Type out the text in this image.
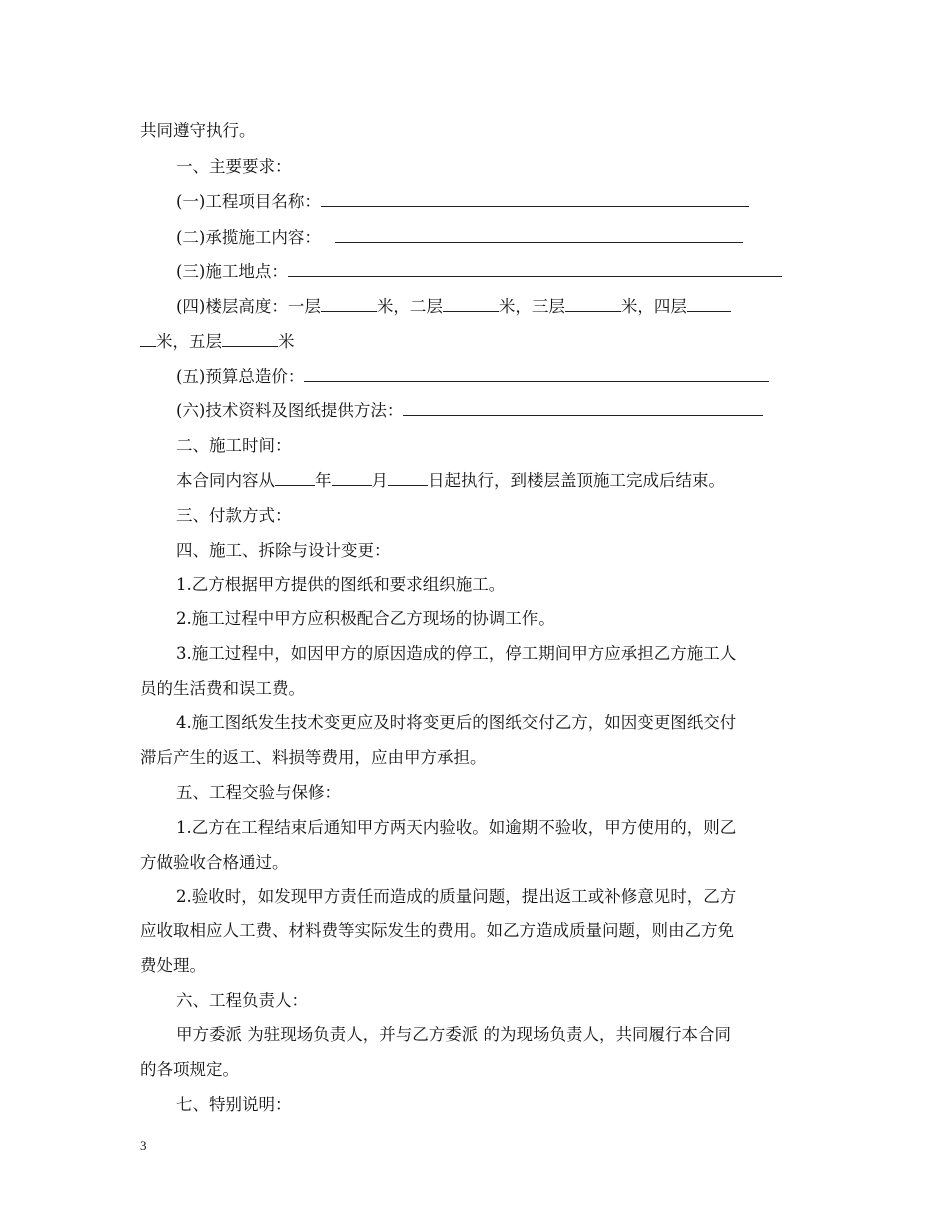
共同遵守执行。
一、主要要求：
(一)工程项目名称：
(二)承揽施工内容：
(三)施工地点：
(四)楼层高度：一层	米，二层	米，三层	米，四层
米，五层	米
(五)预算总造价：
(六)技术资料及图纸提供方法：
二、施工时间：
本合同内容从 年 月 日起执行，到楼层盖顶施工完成后结束。
三、付款方式：
四、施工、拆除与设计变更：
1.乙方根据甲方提供的图纸和要求组织施工。
2.施工过程中甲方应积极配合乙方现场的协调工作。
3.施工过程中，如因甲方的原因造成的停工，停工期间甲方应承担乙方施工人
员的生活费和误工费。
4.施工图纸发生技术变更应及时将变更后的图纸交付乙方，如因变更图纸交付
滞后产生的返工、料损等费用，应由甲方承担。
五、工程交验与保修：
1.乙方在工程结束后通知甲方两天内验收。如逾期不验收，甲方使用的，则乙
方做验收合格通过。
2.验收时，如发现甲方责任而造成的质量问题，提出返工或补修意见时，乙方
应收取相应人工费、材料费等实际发生的费用。如乙方造成质量问题，则由乙方免
费处理。
六、工程负责人：
甲方委派 为驻现场负责人，并与乙方委派 的为现场负责人，共同履行本合同
的各项规定。
七、特别说明：
3
